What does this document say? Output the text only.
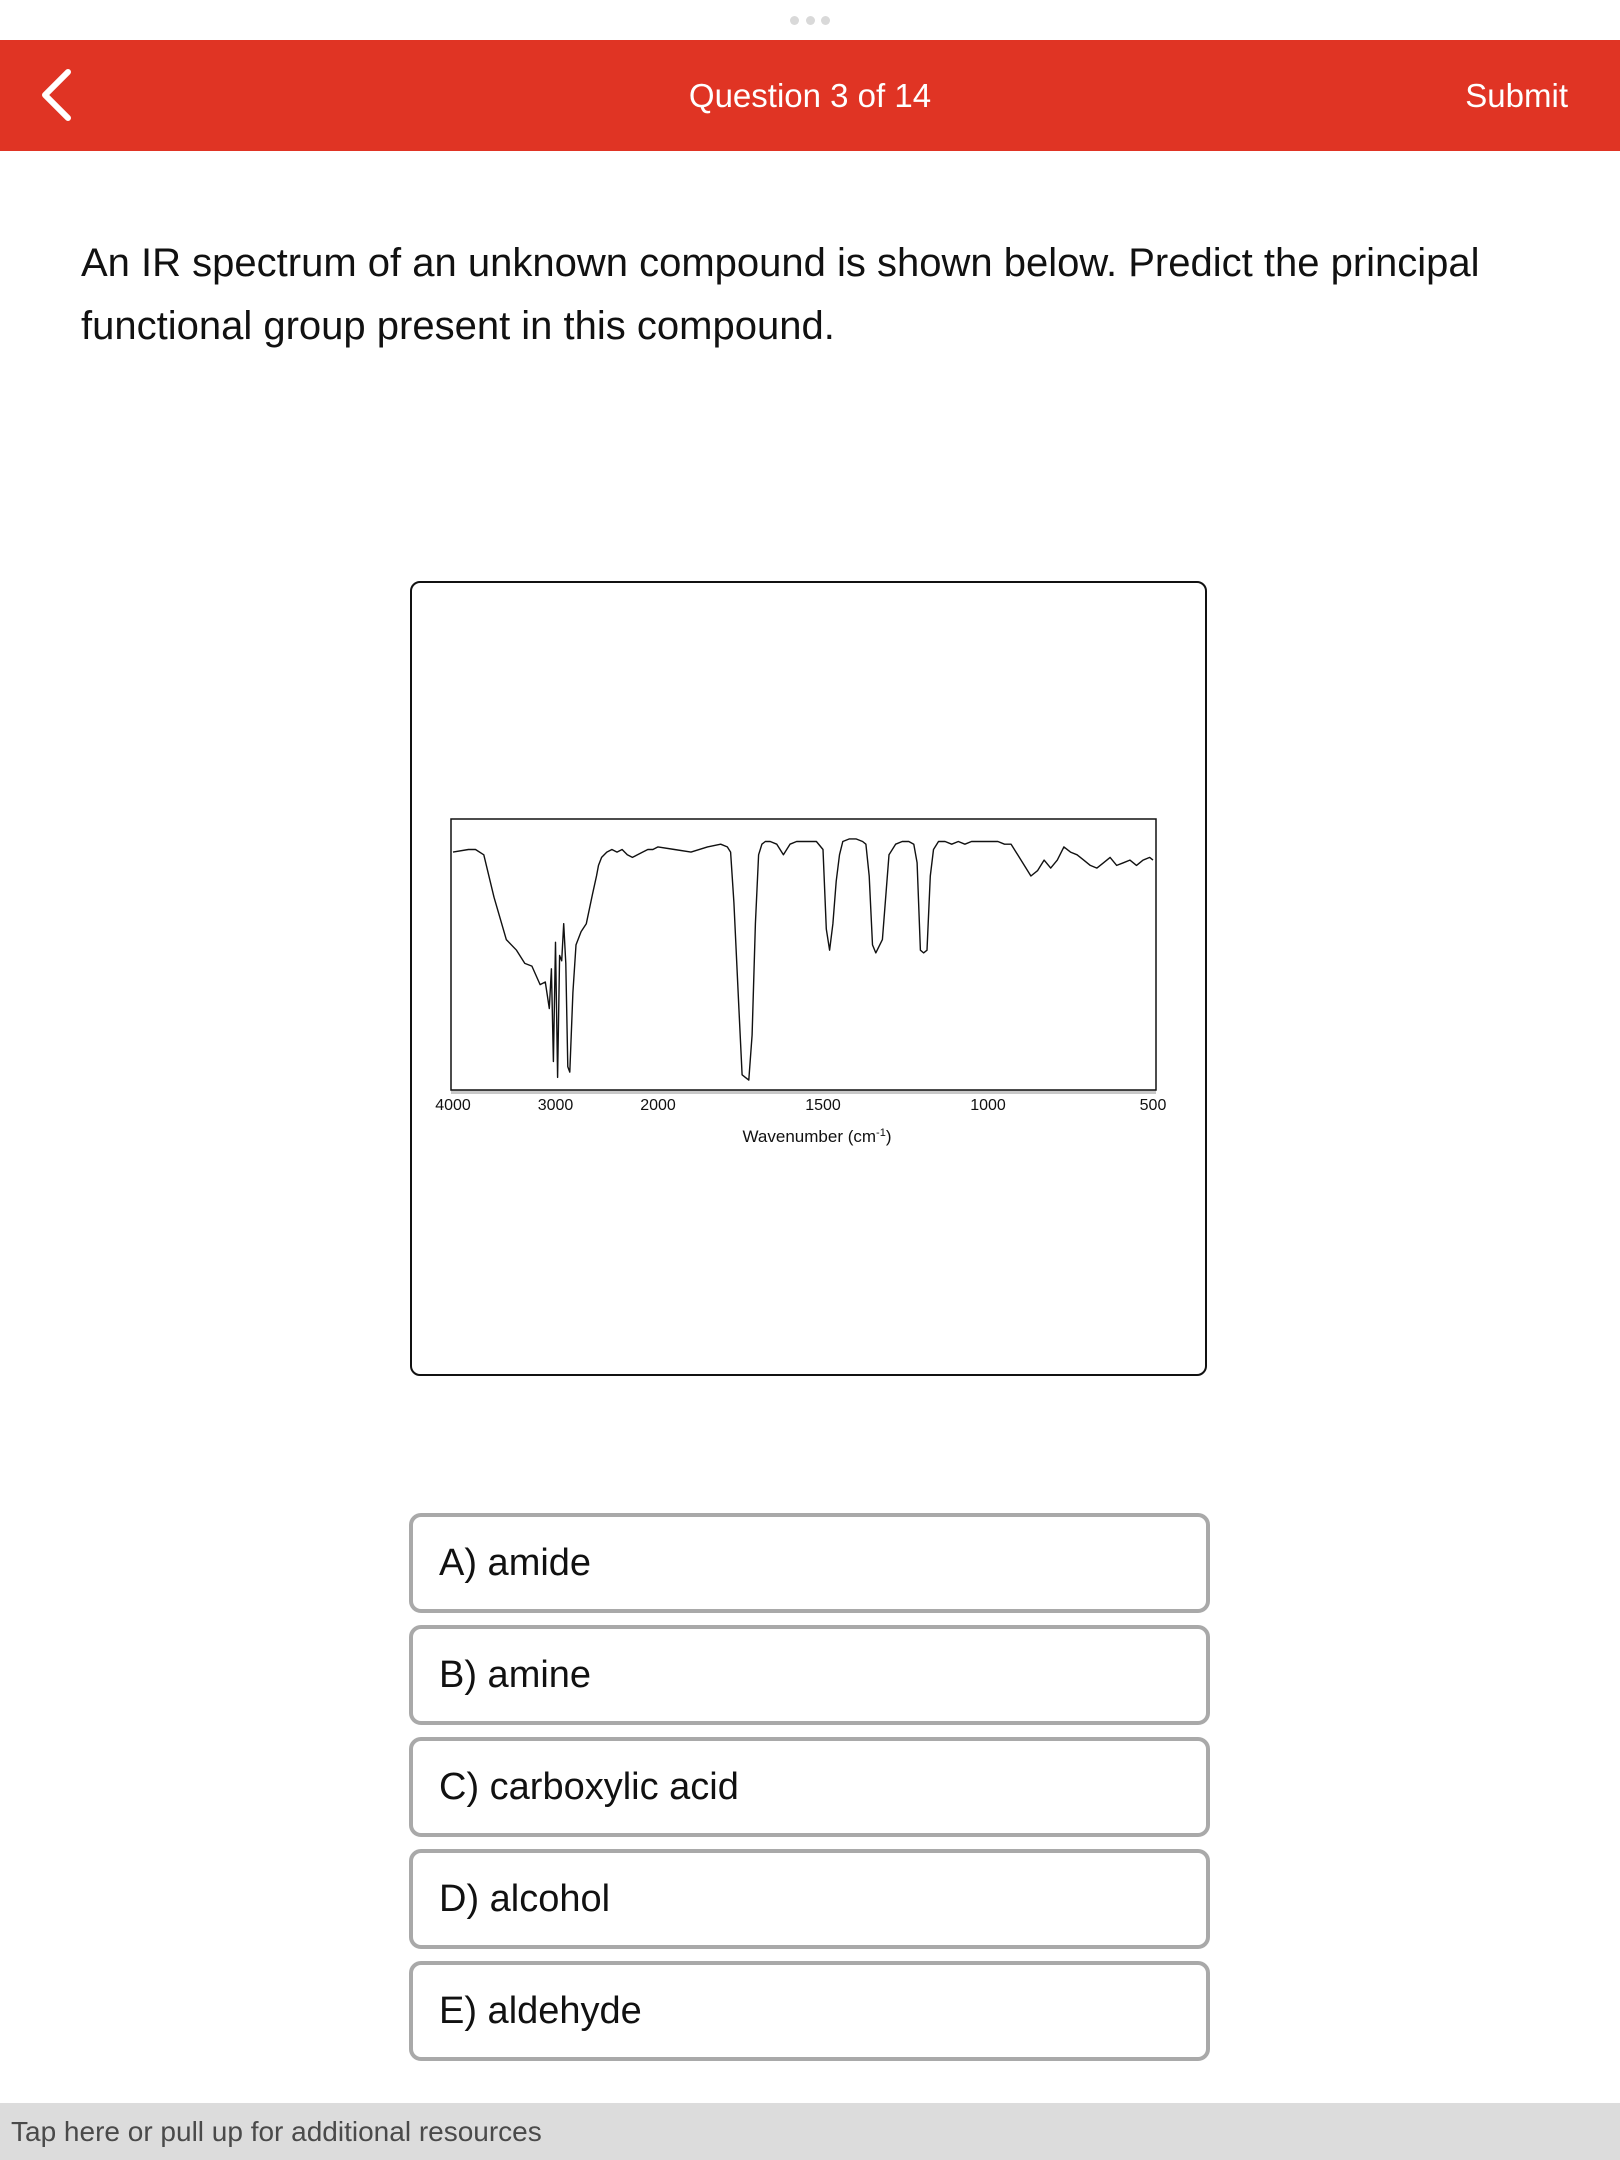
Question 3 of 14	Submit
An IR spectrum of an unknown compound is shown below. Predict the principal functional group present in this compound.
4000	3000	2000	1500	1000	500
Wavenumber $(cm^{-1})$
A) amide
B) amine
C) carboxylic acid
D) alcohol
E) aldehyde
Tap here or pull up for additional resources
